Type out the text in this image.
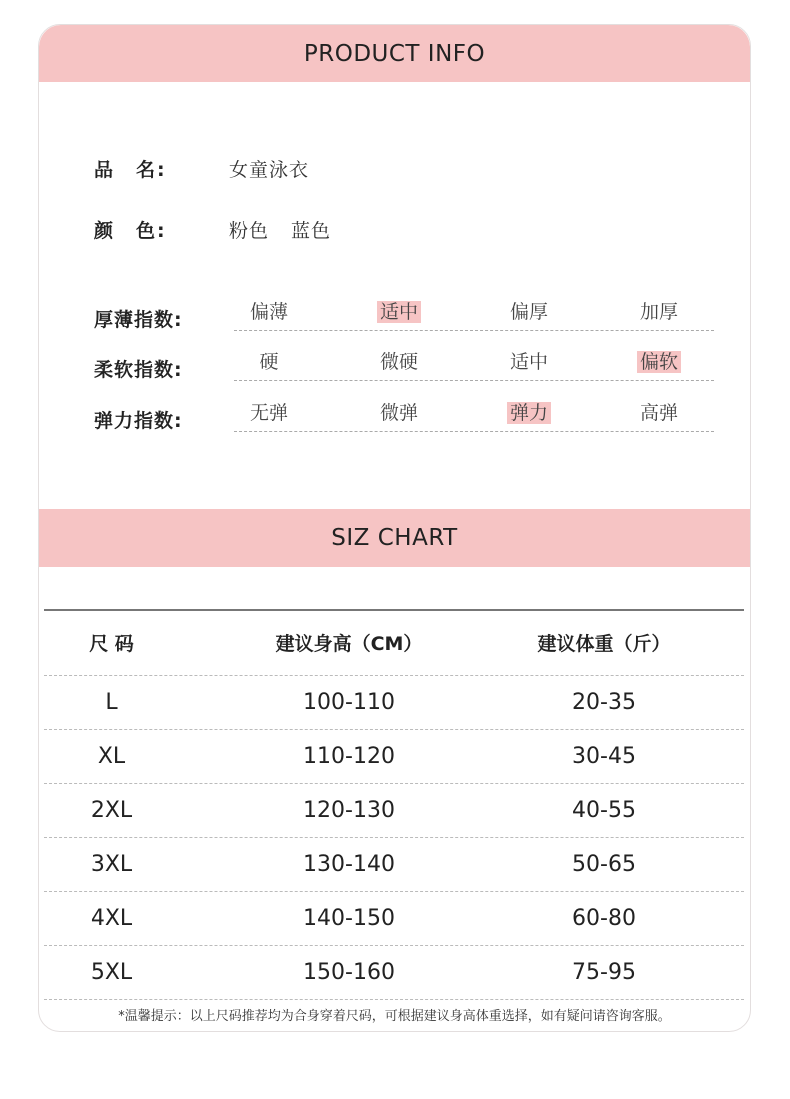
PRODUCT INFO
品　名:	女童泳衣
颜　色:	粉色 蓝色
厚薄指数:	偏薄	适中	偏厚	加厚
柔软指数:	硬	微硬	适中	偏软
弹力指数:	无弹	微弹	弹力	高弹
SIZ CHART
尺 码	建议身高（CM）	建议体重（斤）
L	100-110	20-35
XL	110-120	30-45
2XL	120-130	40-55
3XL	130-140	50-65
4XL	140-150	60-80
5XL	150-160	75-95
*温馨提示：以上尺码推荐均为合身穿着尺码，可根据建议身高体重选择，如有疑问请咨询客服。
